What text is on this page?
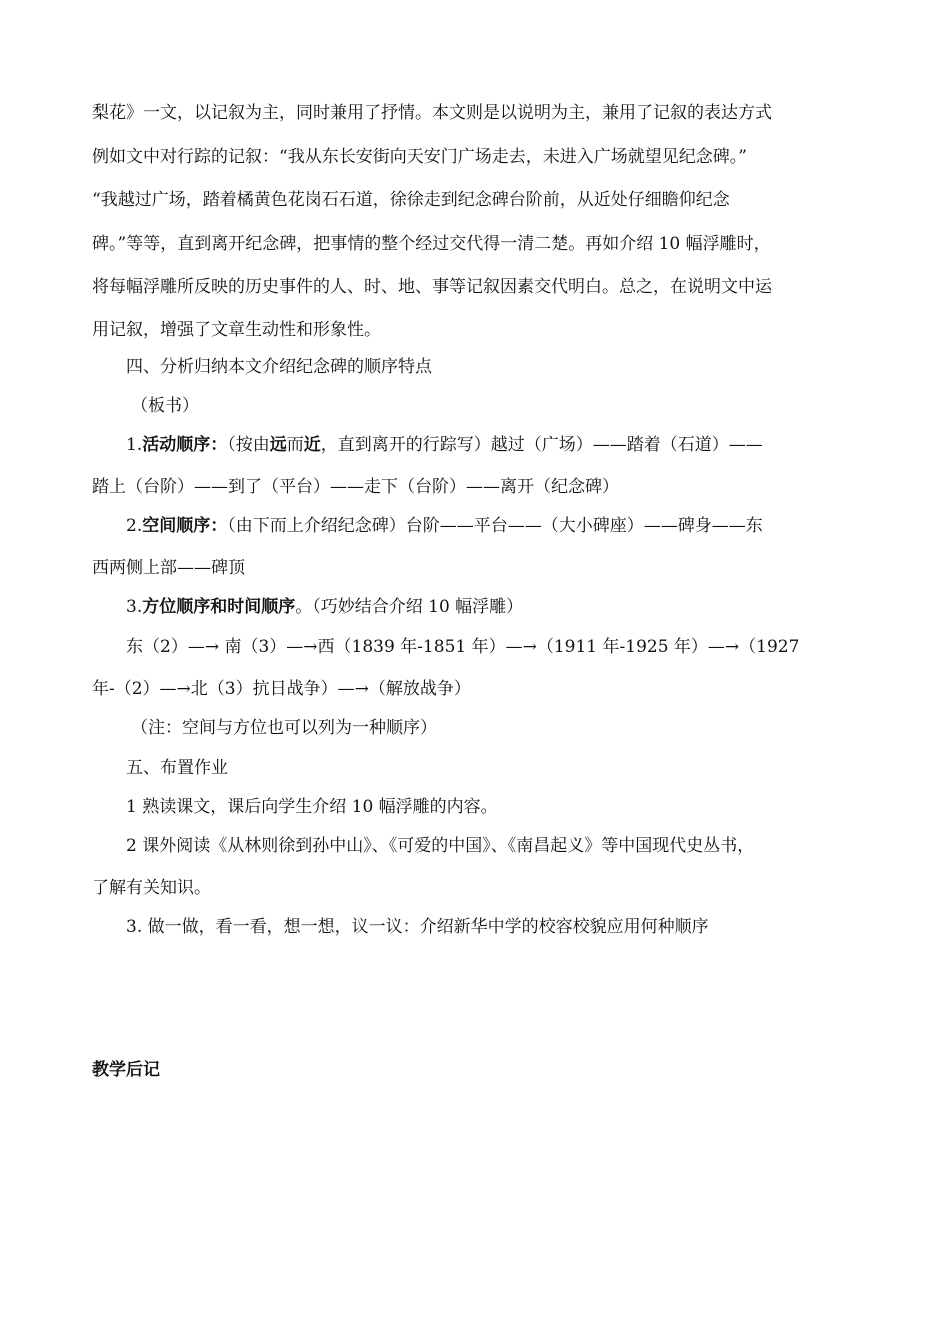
梨花》一文，以记叙为主，同时兼用了抒情。本文则是以说明为主，兼用了记叙的表达方式
例如文中对行踪的记叙：“我从东长安街向天安门广场走去，未进入广场就望见纪念碑。”
“我越过广场，踏着橘黄色花岗石石道，徐徐走到纪念碑台阶前，从近处仔细瞻仰纪念
碑。”等等，直到离开纪念碑，把事情的整个经过交代得一清二楚。再如介绍 10 幅浮雕时，
将每幅浮雕所反映的历史事件的人、时、地、事等记叙因素交代明白。总之，在说明文中运
用记叙，增强了文章生动性和形象性。
四、分析归纳本文介绍纪念碑的顺序特点
（板书）
1.活动顺序：（按由远而近，直到离开的行踪写）越过（广场）——踏着（石道）——
踏上（台阶）——到了（平台）——走下（台阶）——离开（纪念碑）
2.空间顺序：（由下而上介绍纪念碑）台阶——平台——（大小碑座）——碑身——东
西两侧上部——碑顶
3.方位顺序和时间顺序。（巧妙结合介绍 10 幅浮雕）
东（2）—→ 南（3）—→西（1839 年-1851 年）—→（1911 年-1925 年）—→（1927
年-（2）—→北（3）抗日战争）—→（解放战争）
（注：空间与方位也可以列为一种顺序）
五、布置作业
1 熟读课文，课后向学生介绍 10 幅浮雕的内容。
2 课外阅读《从林则徐到孙中山》、《可爱的中国》、《南昌起义》等中国现代史丛书，
了解有关知识。
3. 做一做，看一看，想一想，议一议：介绍新华中学的校容校貌应用何种顺序
教学后记
